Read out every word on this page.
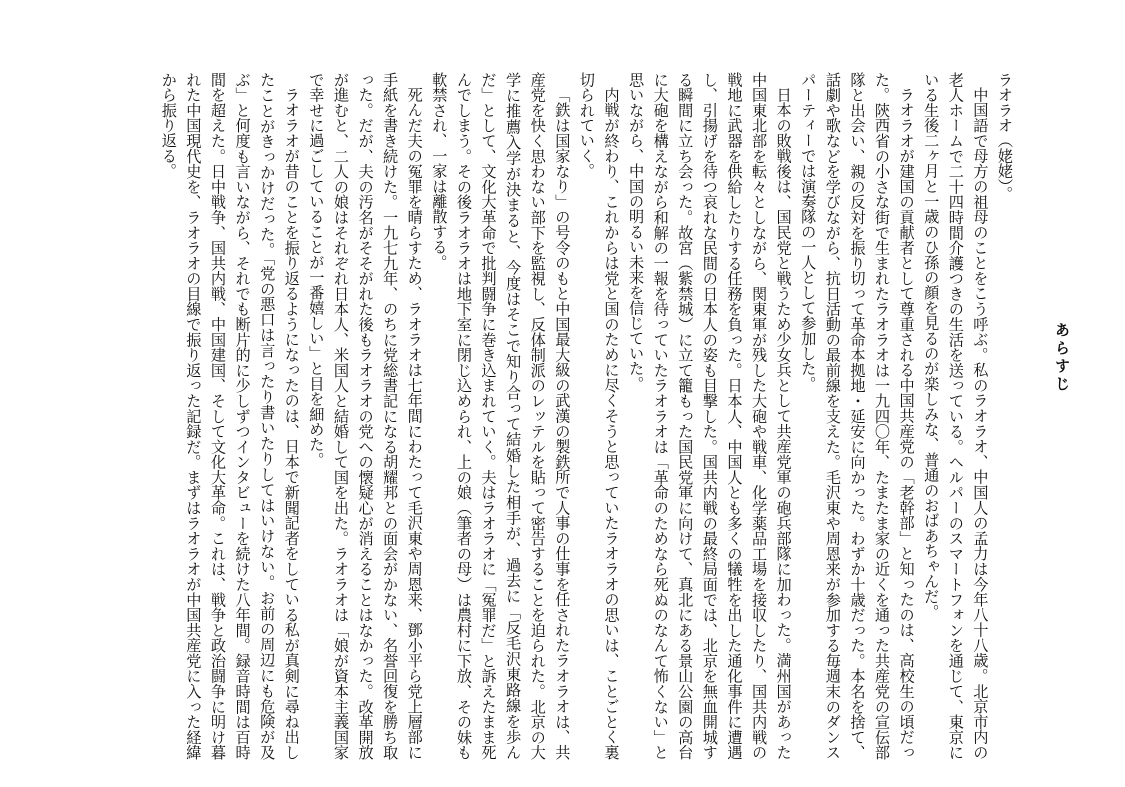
あらすじ

ラオラオ（姥姥）。

中国語で母方の祖母のことをこう呼ぶ。私のラオラオ、中国人の孟力は今年八十八歳。北京市内の老人ホームで二十四時間介護つきの生活を送っている。ヘルパーのスマートフォンを通じて、東京にいる生後二ヶ月と一歳のひ孫の顔を見るのが楽しみな、普通のおばあちゃんだ。

ラオラオが建国の貢献者として尊重される中国共産党の「老幹部」と知ったのは、高校生の頃だった。陝西省の小さな街で生まれたラオラオは一九四〇年、たまたま家の近くを通った共産党の宣伝部隊と出会い、親の反対を振り切って革命本拠地・延安に向かった。わずか十歳だった。本名を捨て、話劇や歌などを学びながら、抗日活動の最前線を支えた。毛沢東や周恩来が参加する毎週末のダンスパーティーでは演奏隊の一人として参加した。

日本の敗戦後は、国民党と戦うため少女兵として共産党軍の砲兵部隊に加わった。満州国があった中国東北部を転々としながら、関東軍が残した大砲や戦車、化学薬品工場を接収したり、国共内戦の戦地に武器を供給したりする任務を負った。日本人、中国人とも多くの犠牲を出した通化事件に遭遇し、引揚げを待つ哀れな民間の日本人の姿も目撃した。国共内戦の最終局面では、北京を無血開城する瞬間に立ち会った。故宮（紫禁城）に立て籠もった国民党軍に向けて、真北にある景山公園の高台に大砲を構えながら和解の一報を待っていたラオラオは「革命のためなら死ぬのなんて怖くない」と思いながら、中国の明るい未来を信じていた。

内戦が終わり、これからは党と国のために尽くそうと思っていたラオラオの思いは、ことごとく裏切られていく。

「鉄は国家なり」の号令のもと中国最大級の武漢の製鉄所で人事の仕事を任されたラオラオは、共産党を快く思わない部下を監視し、反体制派のレッテルを貼って密告することを迫られた。北京の大学に推薦入学が決まると、今度はそこで知り合って結婚した相手が、過去に「反毛沢東路線を歩んだ」として、文化大革命で批判闘争に巻き込まれていく。夫はラオラオに「冤罪だ」と訴えたまま死んでしまう。その後ラオラオは地下室に閉じ込められ、上の娘（筆者の母）は農村に下放、その妹も軟禁され、一家は離散する。

死んだ夫の冤罪を晴らすため、ラオラオは七年間にわたって毛沢東や周恩来、鄧小平ら党上層部に手紙を書き続けた。一九七九年、のちに党総書記になる胡耀邦との面会がかない、名誉回復を勝ち取った。だが、夫の汚名がそそがれた後もラオラオの党への懐疑心が消えることはなかった。改革開放が進むと、二人の娘はそれぞれ日本人、米国人と結婚して国を出た。ラオラオは「娘が資本主義国家で幸せに過ごしていることが一番嬉しい」と目を細めた。

ラオラオが昔のことを振り返るようになったのは、日本で新聞記者をしている私が真剣に尋ね出したことがきっかけだった。「党の悪口は言ったり書いたりしてはいけない。お前の周辺にも危険が及ぶ」と何度も言いながら、それでも断片的に少しずつインタビューを続けた八年間。録音時間は百時間を超えた。日中戦争、国共内戦、中国建国、そして文化大革命。これは、戦争と政治闘争に明け暮れた中国現代史を、ラオラオの目線で振り返った記録だ。まずはラオラオが中国共産党に入った経緯から振り返る。
